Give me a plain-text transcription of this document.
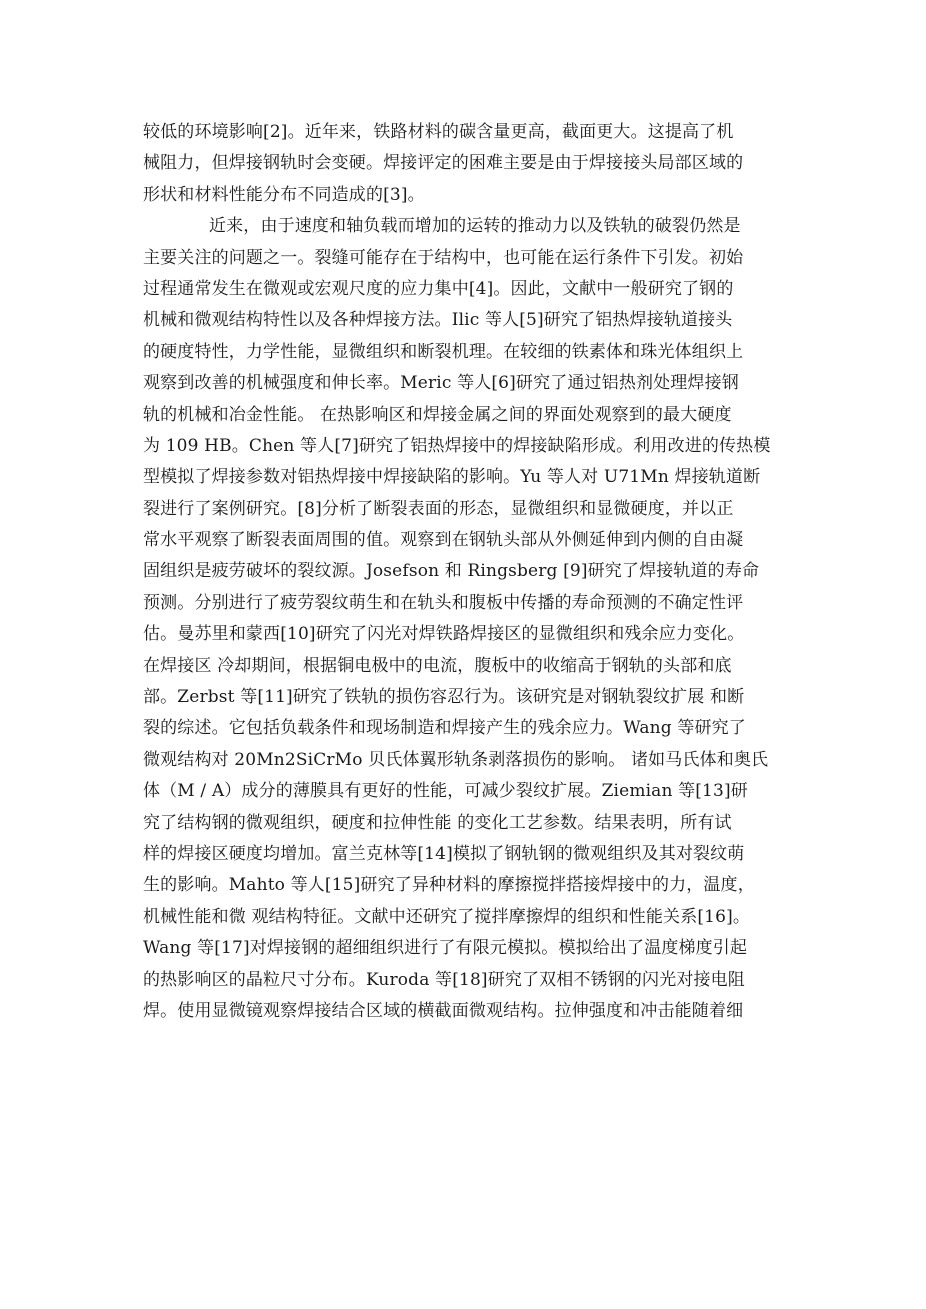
较低的环境影响[2]。近年来，铁路材料的碳含量更高，截面更大。这提高了机
械阻力，但焊接钢轨时会变硬。焊接评定的困难主要是由于焊接接头局部区域的
形状和材料性能分布不同造成的[3]。
近来，由于速度和轴负载而增加的运转的推动力以及铁轨的破裂仍然是
主要关注的问题之一。裂缝可能存在于结构中，也可能在运行条件下引发。初始
过程通常发生在微观或宏观尺度的应力集中[4]。因此，文献中一般研究了钢的
机械和微观结构特性以及各种焊接方法。Ilic 等人[5]研究了铝热焊接轨道接头
的硬度特性，力学性能，显微组织和断裂机理。在较细的铁素体和珠光体组织上
观察到改善的机械强度和伸长率。Meric 等人[6]研究了通过铝热剂处理焊接钢
轨的机械和冶金性能。 在热影响区和焊接金属之间的界面处观察到的最大硬度
为 109 HB。Chen 等人[7]研究了铝热焊接中的焊接缺陷形成。利用改进的传热模
型模拟了焊接参数对铝热焊接中焊接缺陷的影响。Yu 等人对 U71Mn 焊接轨道断
裂进行了案例研究。[8]分析了断裂表面的形态，显微组织和显微硬度，并以正
常水平观察了断裂表面周围的值。观察到在钢轨头部从外侧延伸到内侧的自由凝
固组织是疲劳破坏的裂纹源。Josefson 和 Ringsberg [9]研究了焊接轨道的寿命
预测。分别进行了疲劳裂纹萌生和在轨头和腹板中传播的寿命预测的不确定性评
估。曼苏里和蒙西[10]研究了闪光对焊铁路焊接区的显微组织和残余应力变化。
在焊接区 冷却期间，根据铜电极中的电流，腹板中的收缩高于钢轨的头部和底
部。Zerbst 等[11]研究了铁轨的损伤容忍行为。该研究是对钢轨裂纹扩展 和断
裂的综述。它包括负载条件和现场制造和焊接产生的残余应力。Wang 等研究了
微观结构对 20Mn2SiCrMo 贝氏体翼形轨条剥落损伤的影响。 诸如马氏体和奥氏
体（M / A）成分的薄膜具有更好的性能，可减少裂纹扩展。Ziemian 等[13]研
究了结构钢的微观组织，硬度和拉伸性能 的变化工艺参数。结果表明，所有试
样的焊接区硬度均增加。富兰克林等[14]模拟了钢轨钢的微观组织及其对裂纹萌
生的影响。Mahto 等人[15]研究了异种材料的摩擦搅拌搭接焊接中的力，温度，
机械性能和微 观结构特征。文献中还研究了搅拌摩擦焊的组织和性能关系[16]。
Wang 等[17]对焊接钢的超细组织进行了有限元模拟。模拟给出了温度梯度引起
的热影响区的晶粒尺寸分布。Kuroda 等[18]研究了双相不锈钢的闪光对接电阻
焊。使用显微镜观察焊接结合区域的横截面微观结构。拉伸强度和冲击能随着细
